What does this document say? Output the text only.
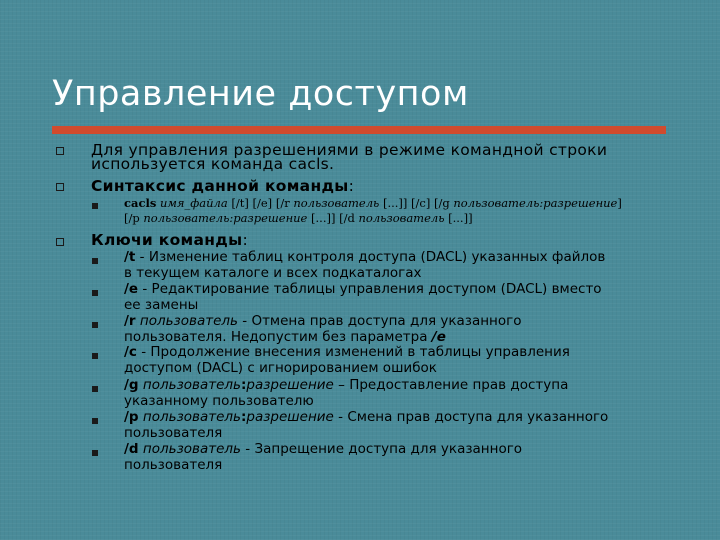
Управление доступом
Для управления разрешениями в режиме командной строки
используется команда cacls.
Синтаксис данной команды:
cacls имя_файла [/t] [/e] [/r пользователь [...]] [/c] [/g пользователь:разрешение]
[/p пользователь:разрешение [...]] [/d пользователь [...]]
Ключи команды:
/t - Изменение таблиц контроля доступа (DACL) указанных файлов
в текущем каталоге и всех подкаталогах
/e - Редактирование таблицы управления доступом (DACL) вместо
ее замены
/r пользователь - Отмена прав доступа для указанного
пользователя. Недопустим без параметра /e
/c - Продолжение внесения изменений в таблицы управления
доступом (DACL) с игнорированием ошибок
/g пользователь:разрешение – Предоставление прав доступа
указанному пользователю
/p пользователь:разрешение - Смена прав доступа для указанного
пользователя
/d пользователь - Запрещение доступа для указанного
пользователя
